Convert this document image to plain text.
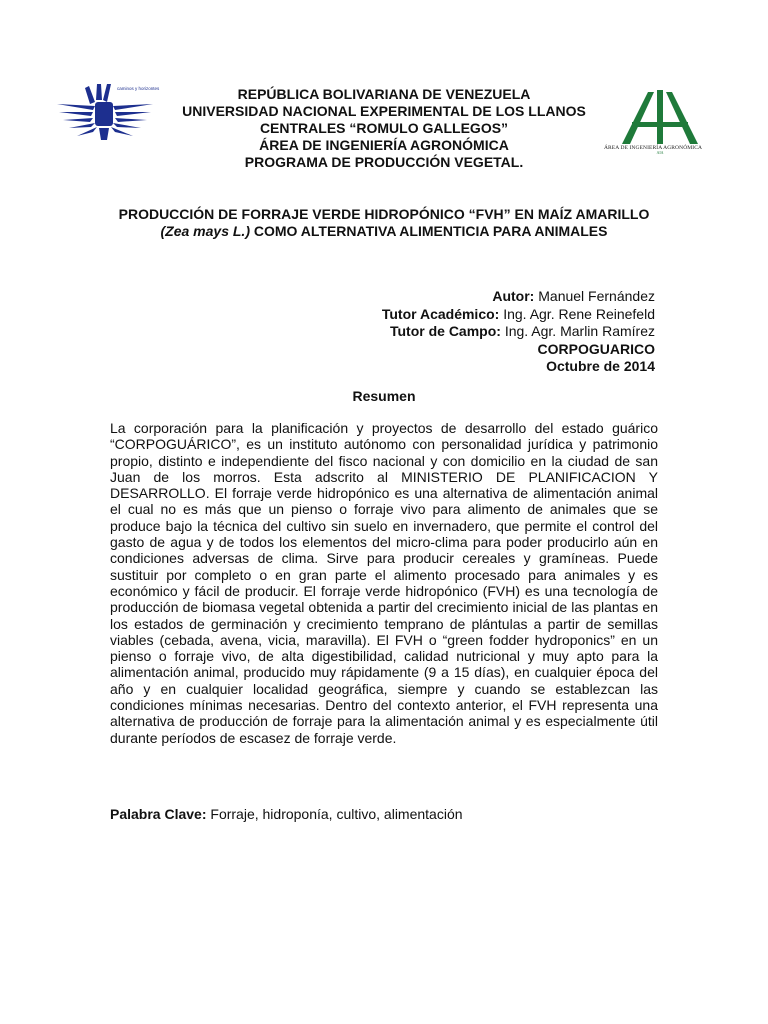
caminos y horizontes
AIA
ÁREA DE INGENIERÍA AGRONÓMICA
REPÚBLICA BOLIVARIANA DE VENEZUELA
UNIVERSIDAD NACIONAL EXPERIMENTAL DE LOS LLANOS
CENTRALES “ROMULO GALLEGOS”
ÁREA DE INGENIERÍA AGRONÓMICA
PROGRAMA DE PRODUCCIÓN VEGETAL.
PRODUCCIÓN DE FORRAJE VERDE HIDROPÓNICO “FVH” EN MAÍZ AMARILLO (Zea mays L.) COMO ALTERNATIVA ALIMENTICIA PARA ANIMALES
Autor: Manuel Fernández
Tutor Académico: Ing. Agr. Rene Reinefeld
Tutor de Campo: Ing. Agr. Marlin Ramírez
CORPOGUARICO
Octubre de 2014
Resumen
La corporación para la planificación y proyectos de desarrollo del estado guárico “CORPOGUÁRICO”, es un instituto autónomo con personalidad jurídica y patrimonio propio, distinto e independiente del fisco nacional y con domicilio en la ciudad de san Juan de los morros. Esta adscrito al MINISTERIO DE PLANIFICACION Y DESARROLLO. El forraje verde hidropónico es una alternativa de alimentación animal el cual no es más que un pienso o forraje vivo para alimento de animales que se produce bajo la técnica del cultivo sin suelo en invernadero, que permite el control del gasto de agua y de todos los elementos del micro-clima para poder producirlo aún en condiciones adversas de clima. Sirve para producir cereales y gramíneas. Puede sustituir por completo o en gran parte el alimento procesado para animales y es económico y fácil de producir. El forraje verde hidropónico (FVH) es una tecnología de producción de biomasa vegetal obtenida a partir del crecimiento inicial de las plantas en los estados de germinación y crecimiento temprano de plántulas a partir de semillas viables (cebada, avena, vicia, maravilla). El FVH o “green fodder hydroponics” en un pienso o forraje vivo, de alta digestibilidad, calidad nutricional y muy apto para la alimentación animal, producido muy rápidamente (9 a 15 días), en cualquier época del año y en cualquier localidad geográfica, siempre y cuando se establezcan las condiciones mínimas necesarias. Dentro del contexto anterior, el FVH representa una alternativa de producción de forraje para la alimentación animal y es especialmente útil durante períodos de escasez de forraje verde.
Palabra Clave: Forraje, hidroponía, cultivo, alimentación
